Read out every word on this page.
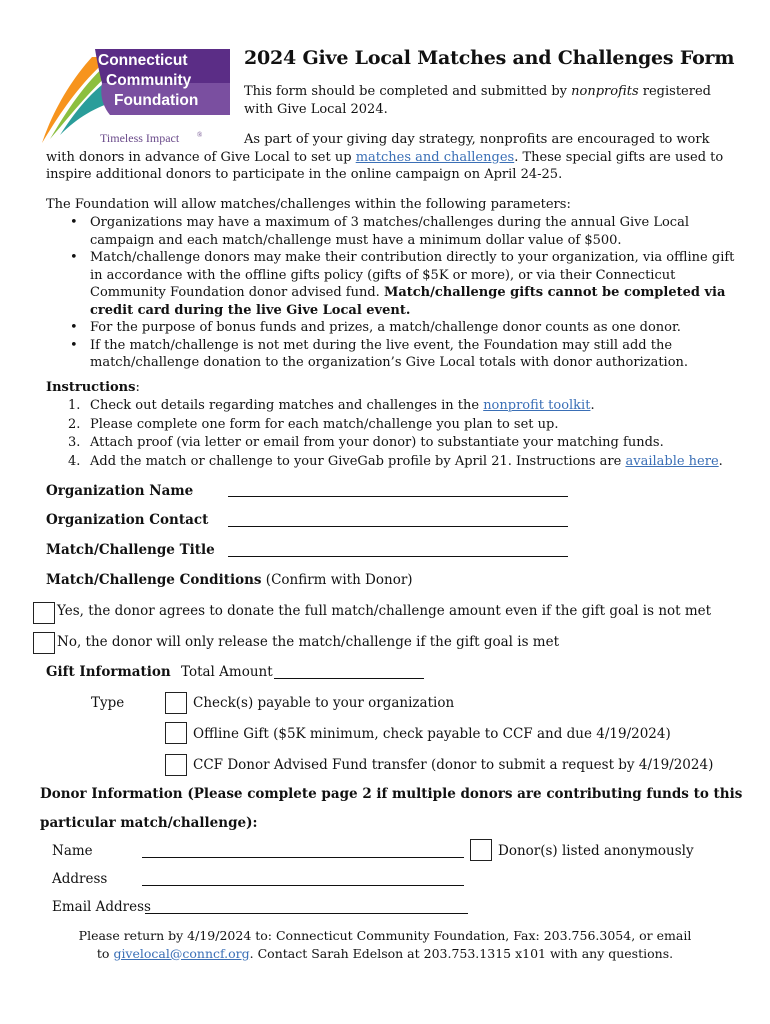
Connecticut
Community
Foundation
Timeless Impact	®
2024 Give Local Matches and Challenges Form

This form should be completed and submitted by nonprofits registered with Give Local 2024.

As part of your giving day strategy, nonprofits are encouraged to work with donors in advance of Give Local to set up matches and challenges. These special gifts are used to inspire additional donors to participate in the online campaign on April 24-25.

The Foundation will allow matches/challenges within the following parameters:

• Organizations may have a maximum of 3 matches/challenges during the annual Give Local campaign and each match/challenge must have a minimum dollar value of $500.
• Match/challenge donors may make their contribution directly to your organization, via offline gift in accordance with the offline gifts policy (gifts of $5K or more), or via their Connecticut Community Foundation donor advised fund. Match/challenge gifts cannot be completed via credit card during the live Give Local event.
• For the purpose of bonus funds and prizes, a match/challenge donor counts as one donor.
• If the match/challenge is not met during the live event, the Foundation may still add the match/challenge donation to the organization’s Give Local totals with donor authorization.

Instructions:

1. Check out details regarding matches and challenges in the nonprofit toolkit.
2. Please complete one form for each match/challenge you plan to set up.
3. Attach proof (via letter or email from your donor) to substantiate your matching funds.
4. Add the match or challenge to your GiveGab profile by April 21. Instructions are available here.
Organization Name
Organization Contact
Match/Challenge Title
Match/Challenge Conditions (Confirm with Donor)
Yes, the donor agrees to donate the full match/challenge amount even if the gift goal is not met
No, the donor will only release the match/challenge if the gift goal is met
Gift Information Total Amount
Type	Check(s) payable to your organization
Offline Gift ($5K minimum, check payable to CCF and due 4/19/2024)
CCF Donor Advised Fund transfer (donor to submit a request by 4/19/2024)
Donor Information (Please complete page 2 if multiple donors are contributing funds to this
particular match/challenge):
Name	Donor(s) listed anonymously
Address
Email Address

Please return by 4/19/2024 to: Connecticut Community Foundation, Fax: 203.756.3054, or email
to givelocal@conncf.org. Contact Sarah Edelson at 203.753.1315 x101 with any questions.
